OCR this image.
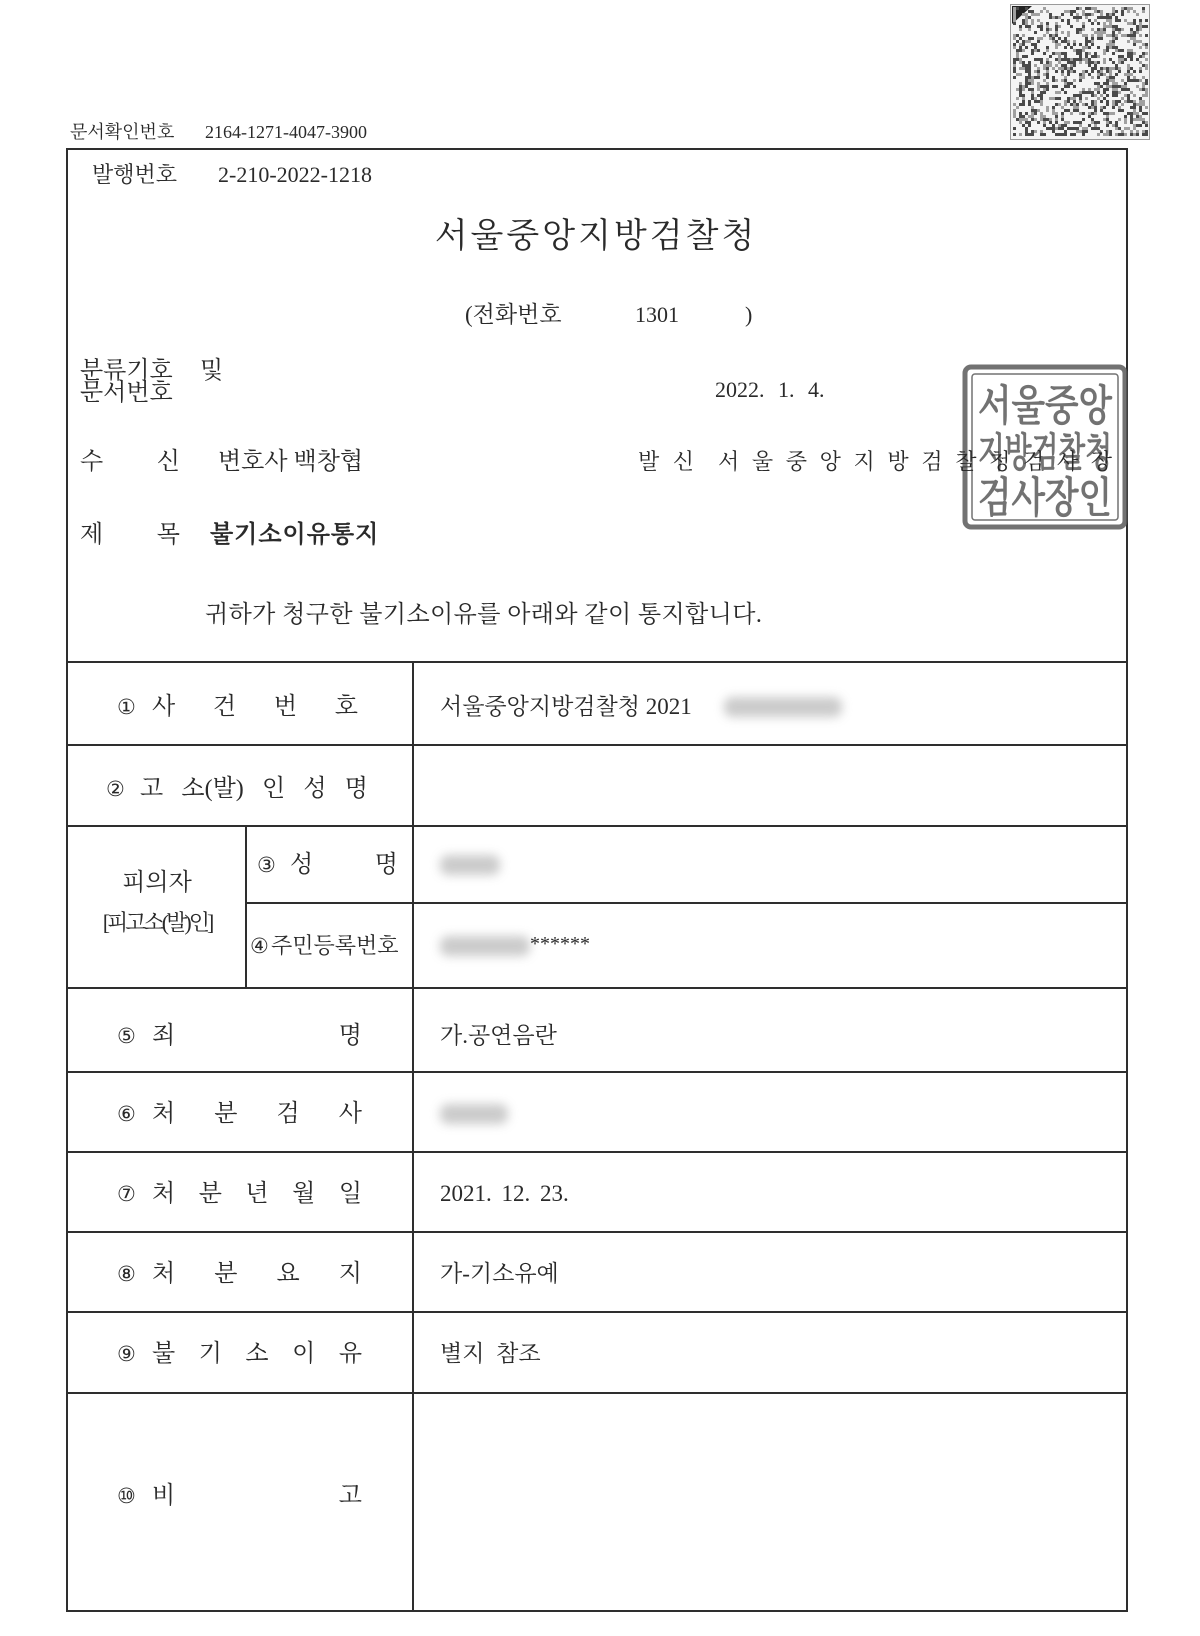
문서확인번호 2164-1271-4047-3900
발행번호 2-210-2022-1218
서울중앙지방검찰청
(전화번호	1301	)
분류기호
문서번호
및
2022. 1. 4.	서울중앙
지방검찰청
검사장인
수 신 변호사 백창협	발 신 서 울 중 앙 지 방 검 찰 청 검 사 장
제 목 불기소이유통지
귀하가 청구한 불기소이유를 아래와 같이 통지합니다.
① 사 건 번 호	서울중앙지방검찰청 2021
② 고 소(발) 인 성 명
피의자
[피고소(발)인]
③ 성 명
④ 주민등록번호	******
⑤ 죄 명	가.공연음란
⑥ 처 분 검 사
⑦ 처 분 년 월 일	2021. 12. 23.
⑧ 처 분 요 지	가-기소유예
⑨ 불 기 소 이 유	별지 참조
⑩ 비 고
